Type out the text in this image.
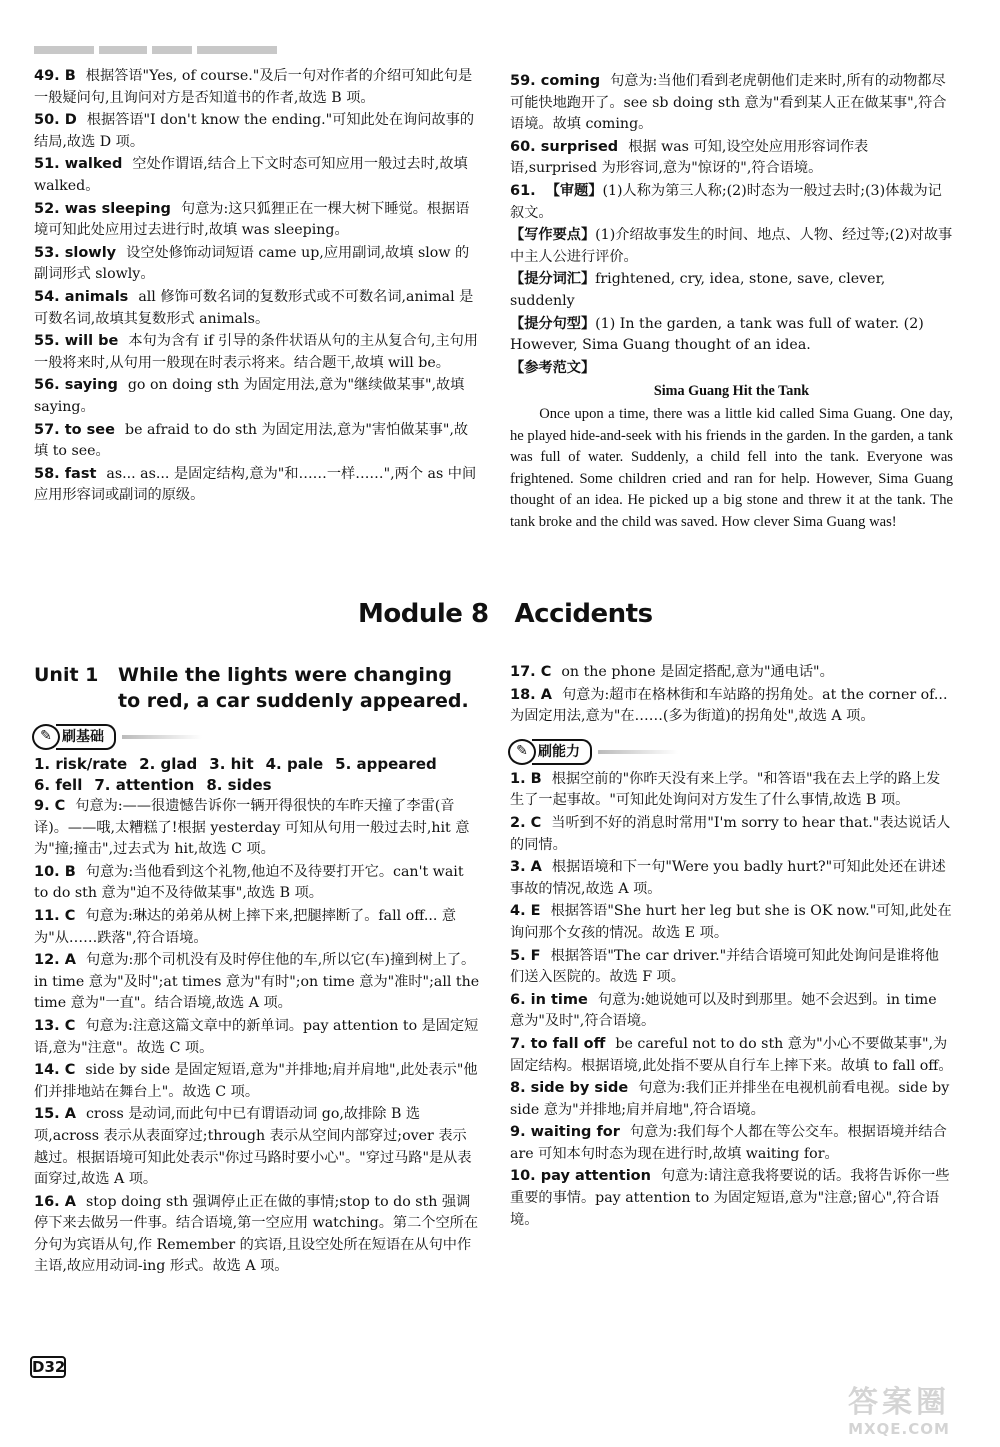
49. B 根据答语"Yes, of course."及后一句对作者的介绍可知此句是一般疑问句,且询问对方是否知道书的作者,故选 B 项。
50. D 根据答语"I don't know the ending."可知此处在询问故事的结局,故选 D 项。
51. walked 空处作谓语,结合上下文时态可知应用一般过去时,故填 walked。
52. was sleeping 句意为:这只狐狸正在一棵大树下睡觉。根据语境可知此处应用过去进行时,故填 was sleeping。
53. slowly 设空处修饰动词短语 came up,应用副词,故填 slow 的副词形式 slowly。
54. animals all 修饰可数名词的复数形式或不可数名词,animal 是可数名词,故填其复数形式 animals。
55. will be 本句为含有 if 引导的条件状语从句的主从复合句,主句用一般将来时,从句用一般现在时表示将来。结合题干,故填 will be。
56. saying go on doing sth 为固定用法,意为"继续做某事",故填 saying。
57. to see be afraid to do sth 为固定用法,意为"害怕做某事",故填 to see。
58. fast as... as... 是固定结构,意为"和……一样……",两个 as 中间应用形容词或副词的原级。
59. coming 句意为:当他们看到老虎朝他们走来时,所有的动物都尽可能快地跑开了。see sb doing sth 意为"看到某人正在做某事",符合语境。故填 coming。
60. surprised 根据 was 可知,设空处应用形容词作表语,surprised 为形容词,意为"惊讶的",符合语境。
61. 【审题】(1)人称为第三人称;(2)时态为一般过去时;(3)体裁为记叙文。
【写作要点】(1)介绍故事发生的时间、地点、人物、经过等;(2)对故事中主人公进行评价。
【提分词汇】frightened, cry, idea, stone, save, clever, suddenly
【提分句型】(1) In the garden, a tank was full of water. (2) However, Sima Guang thought of an idea.
【参考范文】
Sima Guang Hit the Tank
Once upon a time, there was a little kid called Sima Guang. One day, he played hide-and-seek with his friends in the garden. In the garden, a tank was full of water. Suddenly, a child fell into the tank. Everyone was frightened. Some children cried and ran for help. However, Sima Guang thought of an idea. He picked up a big stone and threw it at the tank. The tank broke and the child was saved. How clever Sima Guang was!
Module 8 Accidents
Unit 1	While the lights were changing to red, a car suddenly appeared.
✎ 刷基础
1. risk/rate 2. glad 3. hit 4. pale 5. appeared
6. fell 7. attention 8. sides
9. C 句意为:——很遗憾告诉你一辆开得很快的车昨天撞了李雷(音译)。——哦,太糟糕了!根据 yesterday 可知从句用一般过去时,hit 意为"撞;撞击",过去式为 hit,故选 C 项。
10. B 句意为:当他看到这个礼物,他迫不及待要打开它。can't wait to do sth 意为"迫不及待做某事",故选 B 项。
11. C 句意为:琳达的弟弟从树上摔下来,把腿摔断了。fall off... 意为"从……跌落",符合语境。
12. A 句意为:那个司机没有及时停住他的车,所以它(车)撞到树上了。in time 意为"及时";at times 意为"有时";on time 意为"准时";all the time 意为"一直"。结合语境,故选 A 项。
13. C 句意为:注意这篇文章中的新单词。pay attention to 是固定短语,意为"注意"。故选 C 项。
14. C side by side 是固定短语,意为"并排地;肩并肩地",此处表示"他们并排地站在舞台上"。故选 C 项。
15. A cross 是动词,而此句中已有谓语动词 go,故排除 B 选项,across 表示从表面穿过;through 表示从空间内部穿过;over 表示越过。根据语境可知此处表示"你过马路时要小心"。"穿过马路"是从表面穿过,故选 A 项。
16. A stop doing sth 强调停止正在做的事情;stop to do sth 强调停下来去做另一件事。结合语境,第一空应用 watching。第二个空所在分句为宾语从句,作 Remember 的宾语,且设空处所在短语在从句中作主语,故应用动词-ing 形式。故选 A 项。
17. C on the phone 是固定搭配,意为"通电话"。
18. A 句意为:超市在格林街和车站路的拐角处。at the corner of... 为固定用法,意为"在……(多为街道)的拐角处",故选 A 项。
✎ 刷能力
1. B 根据空前的"你昨天没有来上学。"和答语"我在去上学的路上发生了一起事故。"可知此处询问对方发生了什么事情,故选 B 项。
2. C 当听到不好的消息时常用"I'm sorry to hear that."表达说话人的同情。
3. A 根据语境和下一句"Were you badly hurt?"可知此处还在讲述事故的情况,故选 A 项。
4. E 根据答语"She hurt her leg but she is OK now."可知,此处在询问那个女孩的情况。故选 E 项。
5. F 根据答语"The car driver."并结合语境可知此处询问是谁将他们送入医院的。故选 F 项。
6. in time 句意为:她说她可以及时到那里。她不会迟到。in time 意为"及时",符合语境。
7. to fall off be careful not to do sth 意为"小心不要做某事",为固定结构。根据语境,此处指不要从自行车上摔下来。故填 to fall off。
8. side by side 句意为:我们正并排坐在电视机前看电视。side by side 意为"并排地;肩并肩地",符合语境。
9. waiting for 句意为:我们每个人都在等公交车。根据语境并结合 are 可知本句时态为现在进行时,故填 waiting for。
10. pay attention 句意为:请注意我将要说的话。我将告诉你一些重要的事情。pay attention to 为固定短语,意为"注意;留心",符合语境。
D32
答案圈
MXQE.COM
